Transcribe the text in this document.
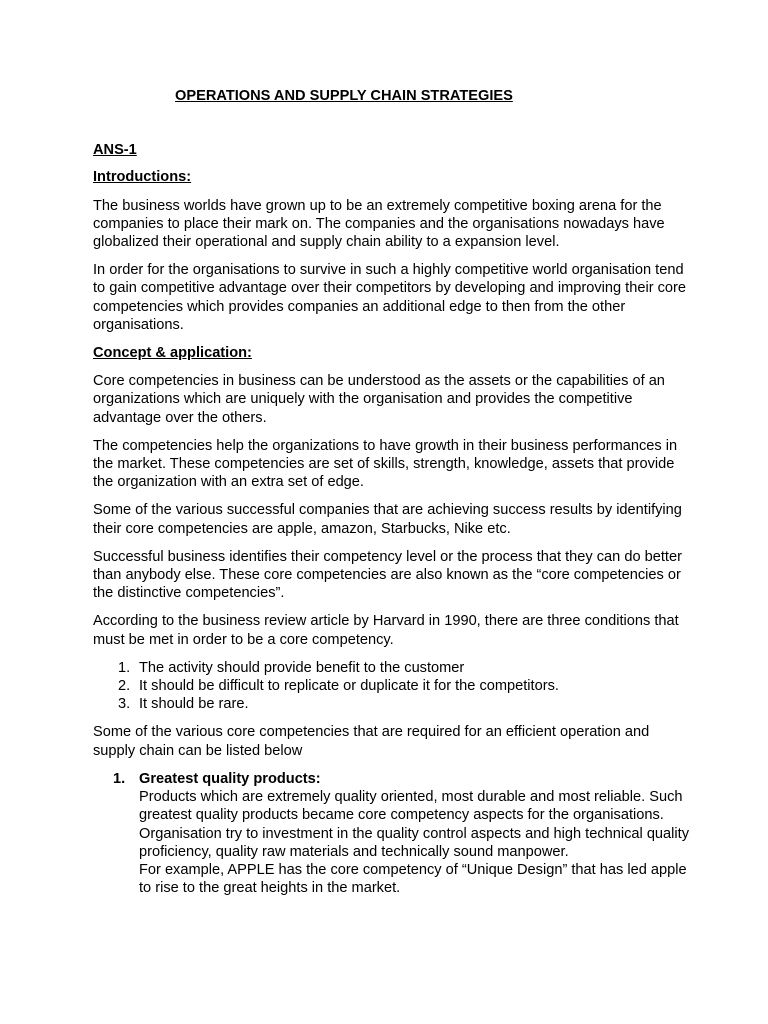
OPERATIONS AND SUPPLY CHAIN STRATEGIES

ANS-1

Introductions:

The business worlds have grown up to be an extremely competitive boxing arena for the companies to place their mark on. The companies and the organisations nowadays have globalized their operational and supply chain ability to a expansion level.

In order for the organisations to survive in such a highly competitive world organisation tend to gain competitive advantage over their competitors by developing and improving their core competencies which provides companies an additional edge to then from the other organisations.

Concept & application:

Core competencies in business can be understood as the assets or the capabilities of an organizations which are uniquely with the organisation and provides the competitive advantage over the others.

The competencies help the organizations to have growth in their business performances in the market. These competencies are set of skills, strength, knowledge, assets that provide the organization with an extra set of edge.

Some of the various successful companies that are achieving success results by identifying their core competencies are apple, amazon, Starbucks, Nike etc.

Successful business identifies their competency level or the process that they can do better than anybody else. These core competencies are also known as the “core competencies or the distinctive competencies”.

According to the business review article by Harvard in 1990, there are three conditions that must be met in order to be a core competency.

1. The activity should provide benefit to the customer
2. It should be difficult to replicate or duplicate it for the competitors.
3. It should be rare.

Some of the various core competencies that are required for an efficient operation and supply chain can be listed below

1. Greatest quality products:
Products which are extremely quality oriented, most durable and most reliable. Such greatest quality products became core competency aspects for the organisations. Organisation try to investment in the quality control aspects and high technical quality proficiency, quality raw materials and technically sound manpower.
For example, APPLE has the core competency of “Unique Design” that has led apple to rise to the great heights in the market.
